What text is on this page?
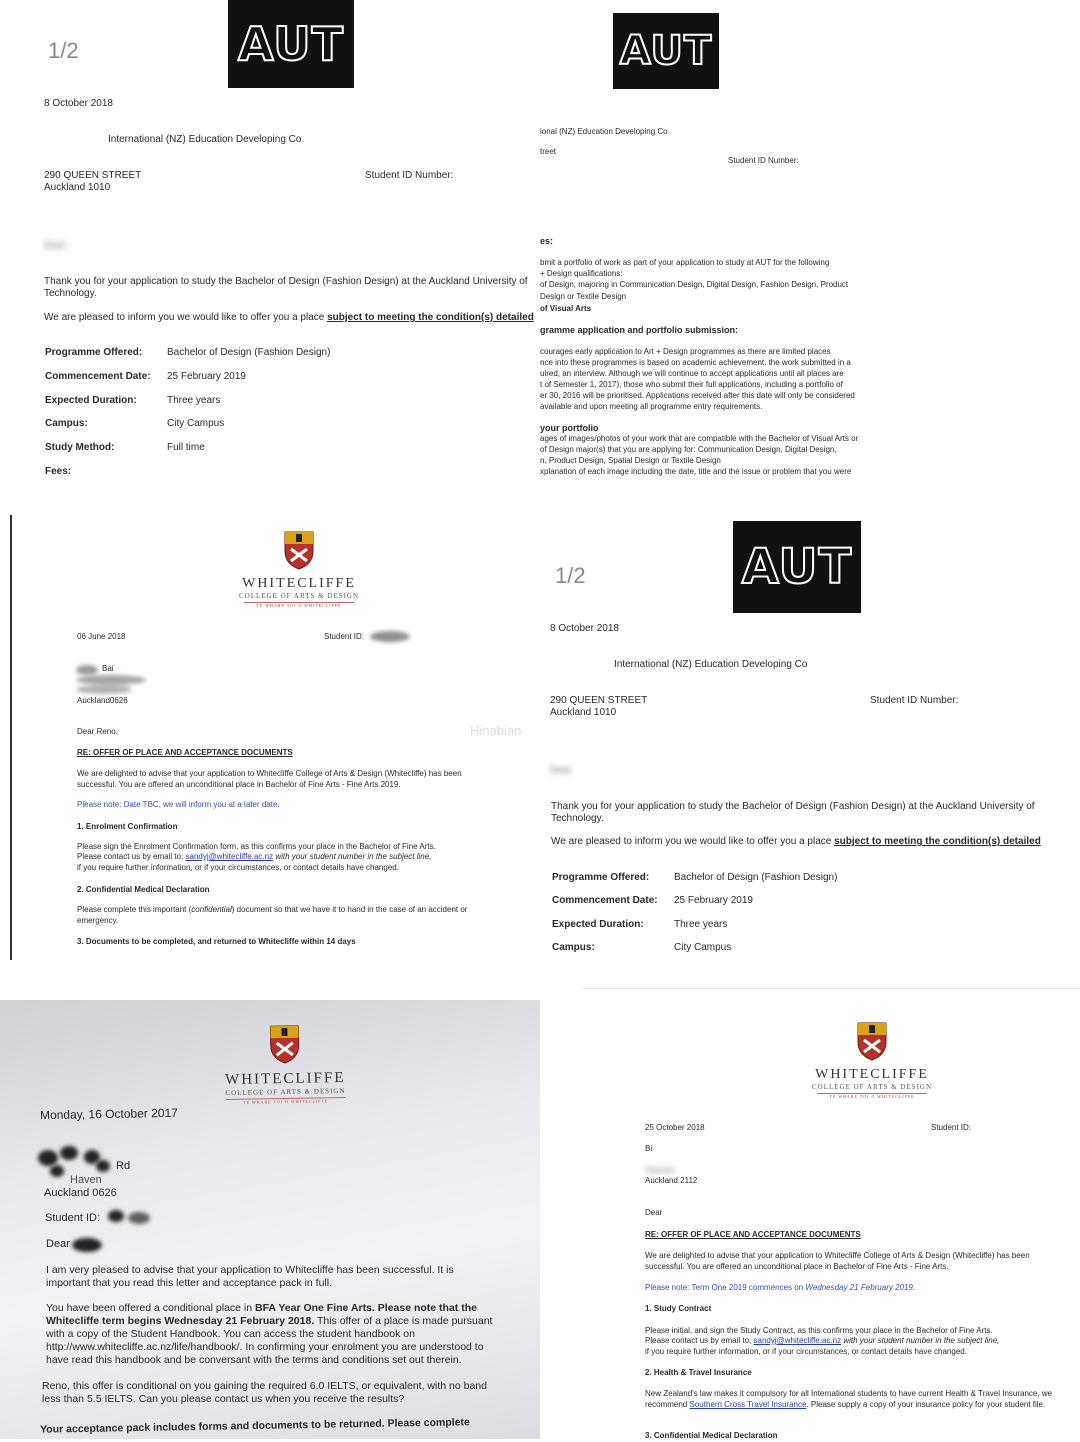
1/2	AUT
8 October 2018
International (NZ) Education Developing Co
290 QUEEN STREET
Auckland 1010
Student ID Number:
Dear
Thank you for your application to study the Bachelor of Design (Fashion Design) at the Auckland University of Technology.
We are pleased to inform you we would like to offer you a place subject to meeting the condition(s) detailed
Programme Offered: Bachelor of Design (Fashion Design)
Commencement Date: 25 February 2019
Expected Duration:	Three years
Campus:	City Campus
Study Method:	Full time
Fees:
AUT
ional (NZ) Education Developing Co
treet
Student ID Number:
es:
bmit a portfolio of work as part of your application to study at AUT for the following
+ Design qualifications:
of Design, majoring in Communication Design, Digital Design, Fashion Design, Product
Design or Textile Design
of Visual Arts
gramme application and portfolio submission:
courages early application to Art + Design programmes as there are limited places
nce into these programmes is based on academic achievement, the work submitted in a
uired, an interview. Although we will continue to accept applications until all places are
t of Semester 1, 2017), those who submit their full applications, including a portfolio of
er 30, 2016 will be prioritised. Applications received after this date will only be considered
available and upon meeting all programme entry requirements.
your portfolio
ages of images/photos of your work that are compatible with the Bachelor of Visual Arts or
of Design major(s) that you are applying for: Communication Design, Digital Design,
n, Product Design, Spatial Design or Textile Design
xplanation of each image including the date, title and the issue or problem that you were
WHITECLIFFE
COLLEGE OF ARTS & DESIGN
TE WHARE TOI O WHITECLIFFE
06 June 2018	Student ID:
Bai
Auckland0626
Dear Reno,
RE: OFFER OF PLACE AND ACCEPTANCE DOCUMENTS
We are delighted to advise that your application to Whitecliffe College of Arts & Design (Whitecliffe) has been successful. You are offered an unconditional place in Bachelor of Fine Arts - Fine Arts 2019.
Please note: Date TBC, we will inform you at a later date.
1. Enrolment Confirmation
Please sign the Enrolment Confirmation form, as this confirms your place in the Bachelor of Fine Arts.
Please contact us by email to; sandyj@whitecliffe.ac.nz with your student number in the subject line,
if you require further information, or if your circumstances, or contact details have changed.
2. Confidential Medical Declaration
Please complete this important (confidential) document so that we have it to hand in the case of an accident or emergency.
3. Documents to be completed, and returned to Whitecliffe within 14 days
1/2	AUT
8 October 2018
International (NZ) Education Developing Co
290 QUEEN STREET
Auckland 1010
Student ID Number:
Hinabian
Dear
Thank you for your application to study the Bachelor of Design (Fashion Design) at the Auckland University of Technology.
We are pleased to inform you we would like to offer you a place subject to meeting the condition(s) detailed
Programme Offered: Bachelor of Design (Fashion Design)
Commencement Date: 25 February 2019
Expected Duration:	Three years
Campus:	City Campus
WHITECLIFFE
COLLEGE OF ARTS & DESIGN
TE WHARE TOI O WHITECLIFFE
Monday, 16 October 2017
Rd
Haven
Auckland 0626
Student ID:
Dear
I am very pleased to advise that your application to Whitecliffe has been successful. It is important that you read this letter and acceptance pack in full.
You have been offered a conditional place in BFA Year One Fine Arts. Please note that the Whitecliffe term begins Wednesday 21 February 2018. This offer of a place is made pursuant with a copy of the Student Handbook. You can access the student handbook on http://www.whitecliffe.ac.nz/life/handbook/. In confirming your enrolment you are understood to have read this handbook and be conversant with the terms and conditions set out therein.
Reno, this offer is conditional on you gaining the required 6.0 IELTS, or equivalent, with no band less than 5.5 IELTS. Can you please contact us when you receive the results?
Your acceptance pack includes forms and documents to be returned. Please complete
WHITECLIFFE
COLLEGE OF ARTS & DESIGN
TE WHARE TOI O WHITECLIFFE
25 October 2018	Student ID:
Bi
Takanini
Auckland 2112
Dear
RE: OFFER OF PLACE AND ACCEPTANCE DOCUMENTS
We are delighted to advise that your application to Whitecliffe College of Arts & Design (Whitecliffe) has been successful. You are offered an unconditional place in Bachelor of Fine Arts - Fine Arts.
Please note: Term One 2019 commences on Wednesday 21 February 2019.
1. Study Contract
Please initial, and sign the Study Contract, as this confirms your place in the Bachelor of Fine Arts.
Please contact us by email to; sandyj@whitecliffe.ac.nz with your student number in the subject line,
if you require further information, or if your circumstances, or contact details have changed.
2. Health & Travel Insurance
New Zealand's law makes it compulsory for all International students to have current Health & Travel Insurance, we recommend Southern Cross Travel Insurance. Please supply a copy of your insurance policy for your student file.
3. Confidential Medical Declaration
